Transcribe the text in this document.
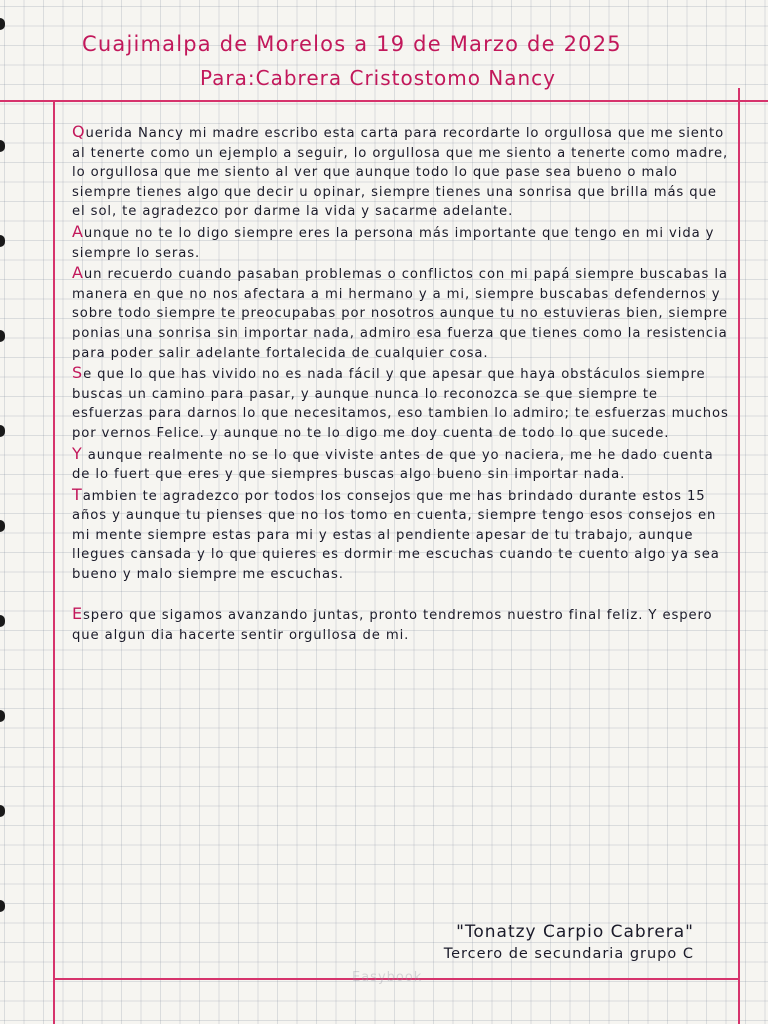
Cuajimalpa de Morelos a 19 de Marzo de 2025

Para:Cabrera Cristostomo Nancy

Querida Nancy mi madre escribo esta carta para recordarte lo orgullosa que me siento al tenerte como un ejemplo a seguir, lo orgullosa que me siento a tenerte como madre, lo orgullosa que me siento al ver que aunque todo lo que pase sea bueno o malo siempre tienes algo que decir u opinar, siempre tienes una sonrisa que brilla más que el sol, te agradezco por darme la vida y sacarme adelante.

Aunque no te lo digo siempre eres la persona más importante que tengo en mi vida y siempre lo seras.

Aun recuerdo cuando pasaban problemas o conflictos con mi papá siempre buscabas la manera en que no nos afectara a mi hermano y a mi, siempre buscabas defendernos y sobre todo siempre te preocupabas por nosotros aunque tu no estuvieras bien, siempre ponias una sonrisa sin importar nada, admiro esa fuerza que tienes como la resistencia para poder salir adelante fortalecida de cualquier cosa.

Se que lo que has vivido no es nada fácil y que apesar que haya obstáculos siempre buscas un camino para pasar, y aunque nunca lo reconozca se que siempre te esfuerzas para darnos lo que necesitamos, eso tambien lo admiro; te esfuerzas muchos por vernos Felice. y aunque no te lo digo me doy cuenta de todo lo que sucede.

Y aunque realmente no se lo que viviste antes de que yo naciera, me he dado cuenta de lo fuert que eres y que siempres buscas algo bueno sin importar nada.

Tambien te agradezco por todos los consejos que me has brindado durante estos 15 años y aunque tu pienses que no los tomo en cuenta, siempre tengo esos consejos en mi mente siempre estas para mi y estas al pendiente apesar de tu trabajo, aunque llegues cansada y lo que quieres es dormir me escuchas cuando te cuento algo ya sea bueno y malo siempre me escuchas.

Espero que sigamos avanzando juntas, pronto tendremos nuestro final feliz. Y espero que algun dia hacerte sentir orgullosa de mi.

"Tonatzy Carpio Cabrera"
Tercero de secundaria grupo C
Easybook
